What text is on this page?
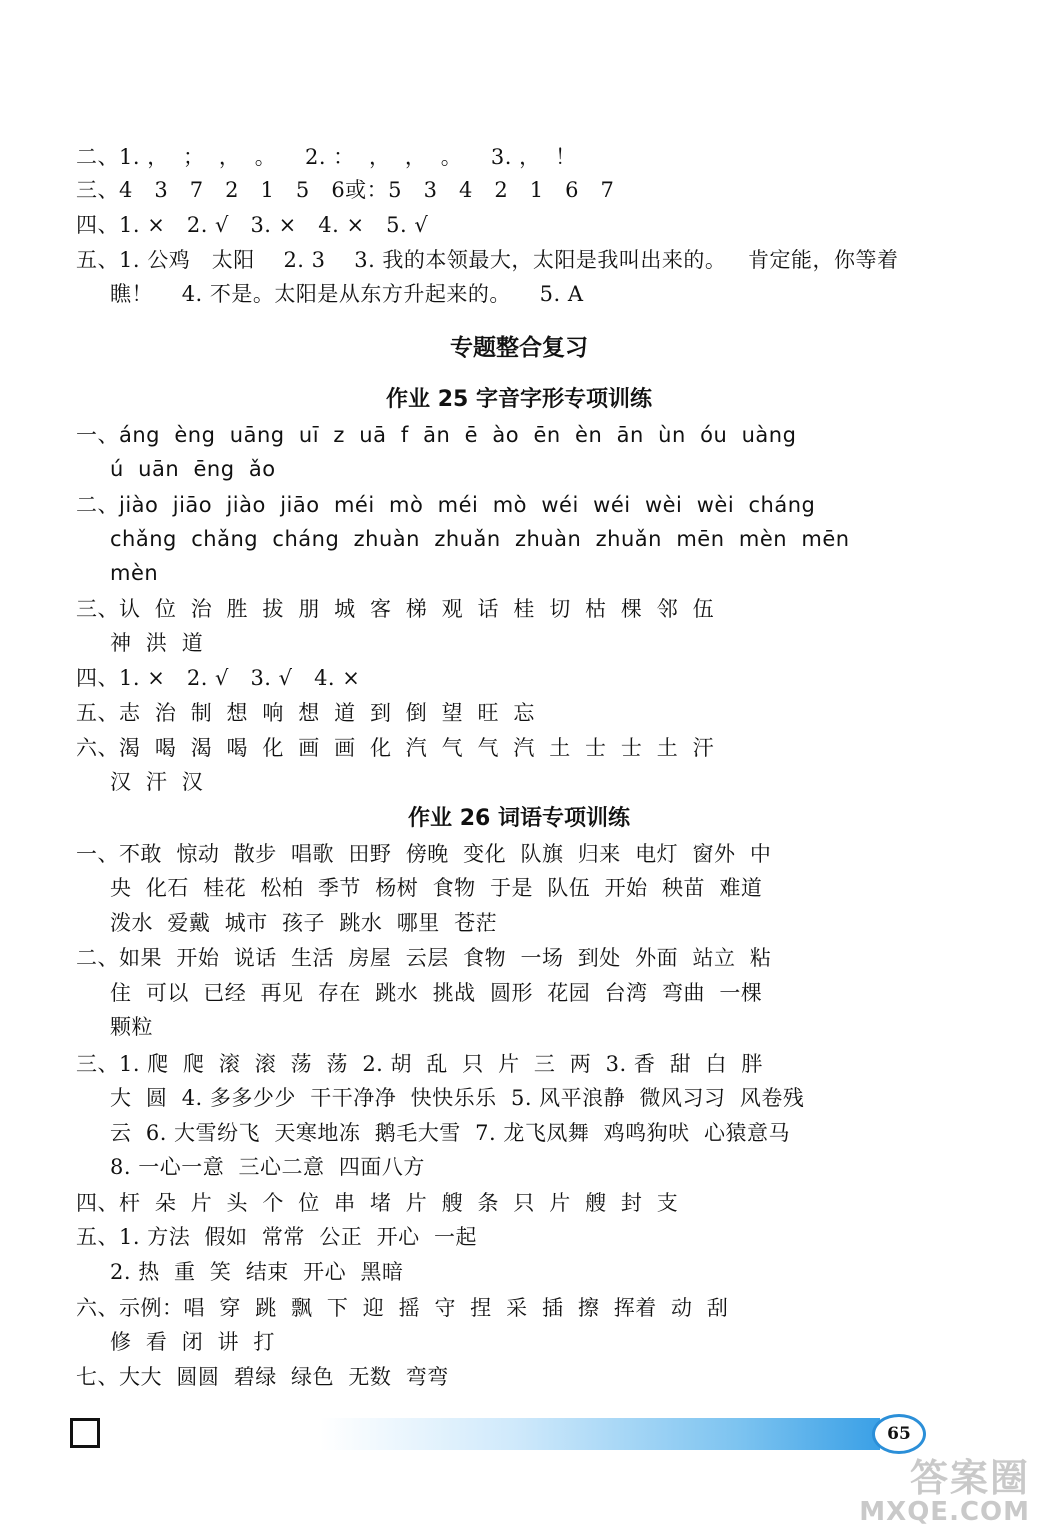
二、1. ，  ；  ，  。    2. ：  ，  ，  。    3. ，  ！
三、4   3   7   2   1   5   6或：5   3   4   2   1   6   7
四、1. ×   2. √   3. ×   4. ×   5. √
五、1. 公鸡   太阳    2. 3    3. 我的本领最大，太阳是我叫出来的。   肯定能，你等着
瞧！    4. 不是。太阳是从东方升起来的。    5. A
专题整合复习
作业 25 字音字形专项训练
一、áng  èng  uāng  uī  z  uā  f  ān  ē  ào  ēn  èn  ān  ùn  óu  uàng
ú  uān  ēng  ǎo
二、jiào  jiāo  jiào  jiāo  méi  mò  méi  mò  wéi  wéi  wèi  wèi  cháng
chǎng  chǎng  cháng  zhuàn  zhuǎn  zhuàn  zhuǎn  mēn  mèn  mēn
mèn
三、认  位  治  胜  拔  朋  城  客  梯  观  话  桂  切  枯  棵  邻  伍
神  洪  道
四、1. ×   2. √   3. √   4. ×
五、志  治  制  想  响  想  道  到  倒  望  旺  忘
六、渴  喝  渴  喝  化  画  画  化  汽  气  气  汽  土  士  士  土  汗
汉  汗  汉
作业 26 词语专项训练
一、不敢  惊动  散步  唱歌  田野  傍晚  变化  队旗  归来  电灯  窗外  中
央  化石  桂花  松柏  季节  杨树  食物  于是  队伍  开始  秧苗  难道
泼水  爱戴  城市  孩子  跳水  哪里  苍茫
二、如果  开始  说话  生活  房屋  云层  食物  一场  到处  外面  站立  粘
住  可以  已经  再见  存在  跳水  挑战  圆形  花园  台湾  弯曲  一棵
颗粒
三、1. 爬  爬  滚  滚  荡  荡  2. 胡  乱  只  片  三  两  3. 香  甜  白  胖
大  圆  4. 多多少少  干干净净  快快乐乐  5. 风平浪静  微风习习  风卷残
云  6. 大雪纷飞  天寒地冻  鹅毛大雪  7. 龙飞凤舞  鸡鸣狗吠  心猿意马
8. 一心一意  三心二意  四面八方
四、杆  朵  片  头  个  位  串  堵  片  艘  条  只  片  艘  封  支
五、1. 方法  假如  常常  公正  开心  一起
2. 热  重  笑  结束  开心  黑暗
六、示例：唱  穿  跳  飘  下  迎  摇  守  捏  采  插  擦  挥着  动  刮
修  看  闭  讲  打
七、大大  圆圆  碧绿  绿色  无数  弯弯
65
答案圈
MXQE.COM
